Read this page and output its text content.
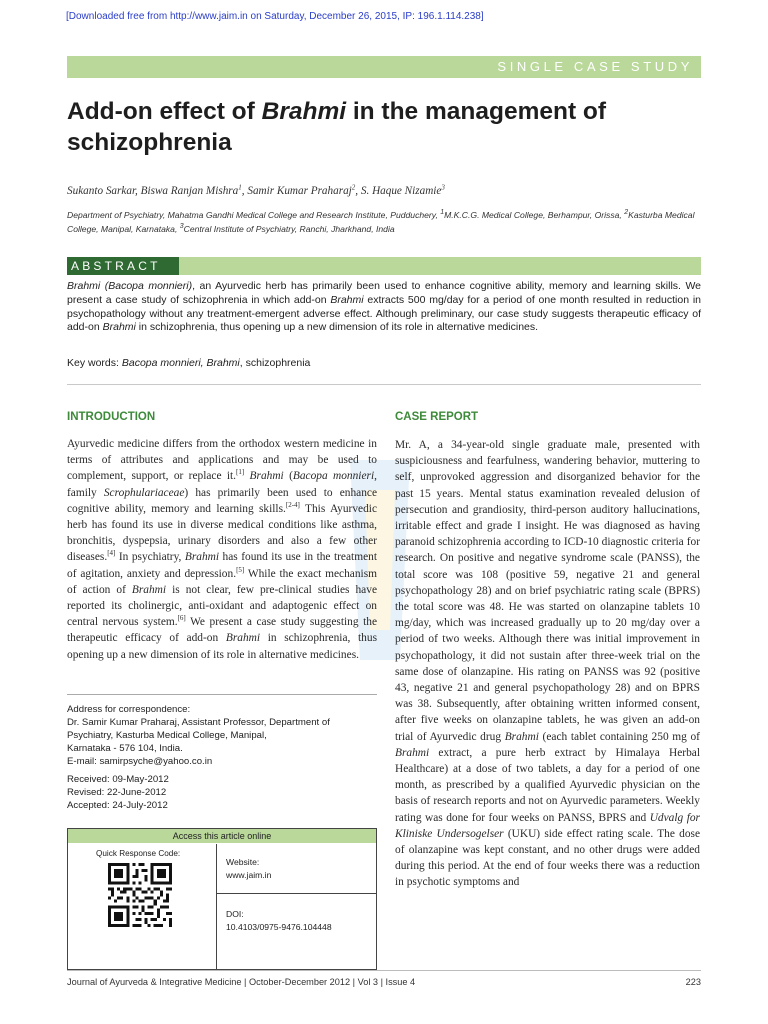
[Downloaded free from http://www.jaim.in on Saturday, December 26, 2015, IP: 196.1.114.238]
SINGLE CASE STUDY
Add-on effect of Brahmi in the management of schizophrenia
Sukanto Sarkar, Biswa Ranjan Mishra$^1$, Samir Kumar Praharaj$^2$, S. Haque Nizamie$^3$
Department of Psychiatry, Mahatma Gandhi Medical College and Research Institute, Pudduchery, $^1$M.K.C.G. Medical College, Berhampur, Orissa, $^2$Kasturba Medical College, Manipal, Karnataka, $^3$Central Institute of Psychiatry, Ranchi, Jharkhand, India
ABSTRACT
Brahmi (Bacopa monnieri), an Ayurvedic herb has primarily been used to enhance cognitive ability, memory and learning skills. We present a case study of schizophrenia in which add-on Brahmi extracts 500 mg/day for a period of one month resulted in reduction in psychopathology without any treatment-emergent adverse effect. Although preliminary, our case study suggests therapeutic efficacy of add-on Brahmi in schizophrenia, thus opening up a new dimension of its role in alternative medicines.
Key words: Bacopa monnieri, Brahmi, schizophrenia
INTRODUCTION	CASE REPORT
Ayurvedic medicine differs from the orthodox western medicine in terms of attributes and applications and may be used to complement, support, or replace it.[1] Brahmi (Bacopa monnieri, family Scrophulariaceae) has primarily been used to enhance cognitive ability, memory and learning skills.[2-4] This Ayurvedic herb has found its use in diverse medical conditions like asthma, bronchitis, dyspepsia, urinary disorders and also a few other diseases.[4] In psychiatry, Brahmi has found its use in the treatment of agitation, anxiety and depression.[5] While the exact mechanism of action of Brahmi is not clear, few pre-clinical studies have reported its cholinergic, anti-oxidant and adaptogenic effect on central nervous system.[6] We present a case study suggesting the therapeutic efficacy of add-on Brahmi in schizophrenia, thus opening up a new dimension of its role in alternative medicines.
Address for correspondence:
Dr. Samir Kumar Praharaj, Assistant Professor, Department of Psychiatry, Kasturba Medical College, Manipal,
Karnataka - 576 104, India.
E-mail: samirpsyche@yahoo.co.in
Received: 09-May-2012
Revised: 22-June-2012
Accepted: 24-July-2012
Access this article online
Quick Response Code:
Website:
www.jaim.in
DOI:
10.4103/0975-9476.104448
Mr. A, a 34-year-old single graduate male, presented with suspiciousness and fearfulness, wandering behavior, muttering to self, unprovoked aggression and disorganized behavior for the past 15 years. Mental status examination revealed delusion of persecution and grandiosity, third-person auditory hallucinations, irritable effect and grade I insight. He was diagnosed as having paranoid schizophrenia according to ICD-10 diagnostic criteria for research. On positive and negative syndrome scale (PANSS), the total score was 108 (positive 59, negative 21 and general psychopathology 28) and on brief psychiatric rating scale (BPRS) the total score was 48. He was started on olanzapine tablets 10 mg/day, which was increased gradually up to 20 mg/day over a period of two weeks. Although there was initial improvement in psychopathology, it did not sustain after three-week trial on the same dose of olanzapine. His rating on PANSS was 92 (positive 43, negative 21 and general psychopathology 28) and on BPRS was 38. Subsequently, after obtaining written informed consent, after five weeks on olanzapine tablets, he was given an add-on trial of Ayurvedic drug Brahmi (each tablet containing 250 mg of Brahmi extract, a pure herb extract by Himalaya Herbal Healthcare) at a dose of two tablets, a day for a period of one month, as prescribed by a qualified Ayurvedic physician on the basis of research reports and not on Ayurvedic parameters. Weekly rating was done for four weeks on PANSS, BPRS and Udvalg for Kliniske Undersogelser (UKU) side effect rating scale. The dose of olanzapine was kept constant, and no other drugs were added during this period. At the end of four weeks there was a reduction in psychotic symptoms and
Journal of Ayurveda & Integrative Medicine | October-December 2012 | Vol 3 | Issue 4	223
